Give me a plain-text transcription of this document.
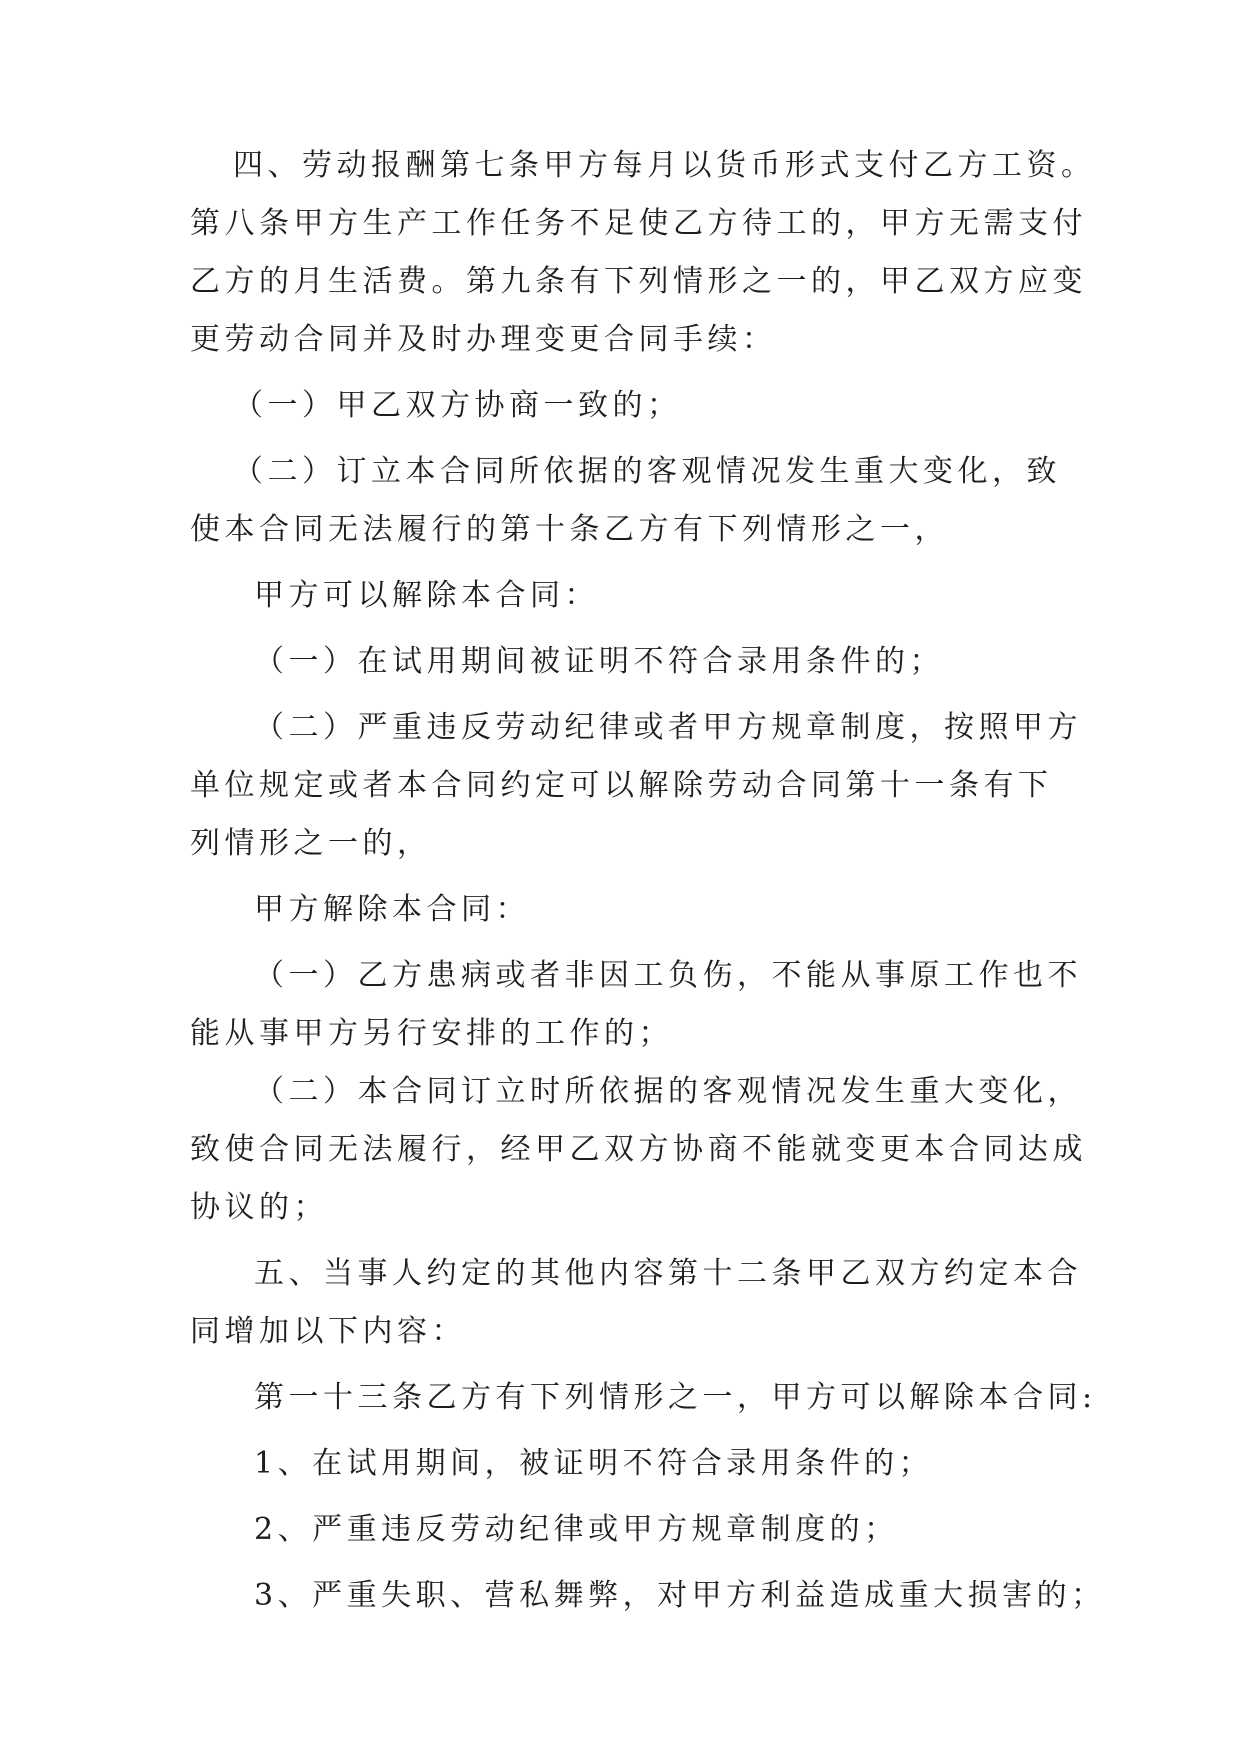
四、劳动报酬第七条甲方每月以货币形式支付乙方工资。
第八条甲方生产工作任务不足使乙方待工的，甲方无需支付
乙方的月生活费。第九条有下列情形之一的，甲乙双方应变
更劳动合同并及时办理变更合同手续：
（一）甲乙双方协商一致的；
（二）订立本合同所依据的客观情况发生重大变化，致
使本合同无法履行的第十条乙方有下列情形之一，
甲方可以解除本合同：
（一）在试用期间被证明不符合录用条件的；
（二）严重违反劳动纪律或者甲方规章制度，按照甲方
单位规定或者本合同约定可以解除劳动合同第十一条有下
列情形之一的，
甲方解除本合同：
（一）乙方患病或者非因工负伤，不能从事原工作也不
能从事甲方另行安排的工作的；
（二）本合同订立时所依据的客观情况发生重大变化，
致使合同无法履行，经甲乙双方协商不能就变更本合同达成
协议的；
五、当事人约定的其他内容第十二条甲乙双方约定本合
同增加以下内容：
第一十三条乙方有下列情形之一，甲方可以解除本合同:
1、在试用期间，被证明不符合录用条件的；
2、严重违反劳动纪律或甲方规章制度的；
3、严重失职、营私舞弊，对甲方利益造成重大损害的；
